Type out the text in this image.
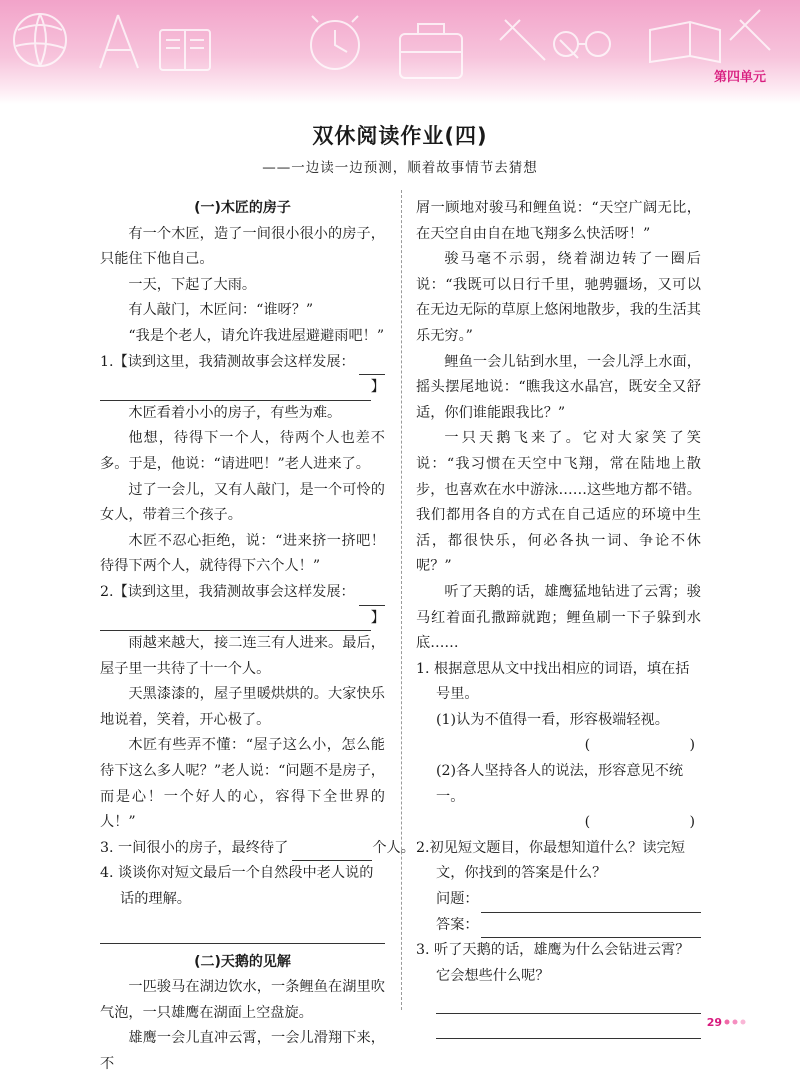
第四单元
双休阅读作业(四)
——一边读一边预测，顺着故事情节去猜想

(一)木匠的房子

有一个木匠，造了一间很小很小的房子，只能住下他自己。

一天，下起了大雨。

有人敲门，木匠问：“谁呀？”

“我是个老人，请允许我进屋避避雨吧！”

1.【读到这里，我猜测故事会这样发展：
】

木匠看着小小的房子，有些为难。

他想，待得下一个人，待两个人也差不多。于是，他说：“请进吧！”老人进来了。

过了一会儿，又有人敲门，是一个可怜的女人，带着三个孩子。

木匠不忍心拒绝，说：“进来挤一挤吧！待得下两个人，就待得下六个人！”

2.【读到这里，我猜测故事会这样发展：
】

雨越来越大，接二连三有人进来。最后，屋子里一共待了十一个人。

天黑漆漆的，屋子里暖烘烘的。大家快乐地说着，笑着，开心极了。

木匠有些弄不懂：“屋子这么小，怎么能待下这么多人呢？”老人说：“问题不是房子，而是心！一个好人的心，容得下全世界的人！”

3. 一间很小的房子，最终待了	个人。

4. 谈谈你对短文最后一个自然段中老人说的话的理解。

(二)天鹅的见解

一匹骏马在湖边饮水，一条鲤鱼在湖里吹气泡，一只雄鹰在湖面上空盘旋。

雄鹰一会儿直冲云霄，一会儿滑翔下来，不

屑一顾地对骏马和鲤鱼说：“天空广阔无比，在天空自由自在地飞翔多么快活呀！”

骏马毫不示弱，绕着湖边转了一圈后说：“我既可以日行千里，驰骋疆场，又可以在无边无际的草原上悠闲地散步，我的生活其乐无穷。”

鲤鱼一会儿钻到水里，一会儿浮上水面，摇头摆尾地说：“瞧我这水晶宫，既安全又舒适，你们谁能跟我比？”

一只天鹅飞来了。它对大家笑了笑说：“我习惯在天空中飞翔，常在陆地上散步，也喜欢在水中游泳……这些地方都不错。我们都用各自的方式在自己适应的环境中生活，都很快乐，何必各执一词、争论不休呢？”

听了天鹅的话，雄鹰猛地钻进了云霄；骏马红着面孔撒蹄就跑；鲤鱼刷一下子躲到水底……

1. 根据意思从文中找出相应的词语，填在括号里。

(1)认为不值得一看，形容极端轻视。

(　　　　　　　)

(2)各人坚持各人的说法，形容意见不统一。

(　　　　　　　)

2.初见短文题目，你最想知道什么？读完短文，你找到的答案是什么？

问题：
答案：

3. 听了天鹅的话，雄鹰为什么会钻进云霄？它会想些什么呢？

29
